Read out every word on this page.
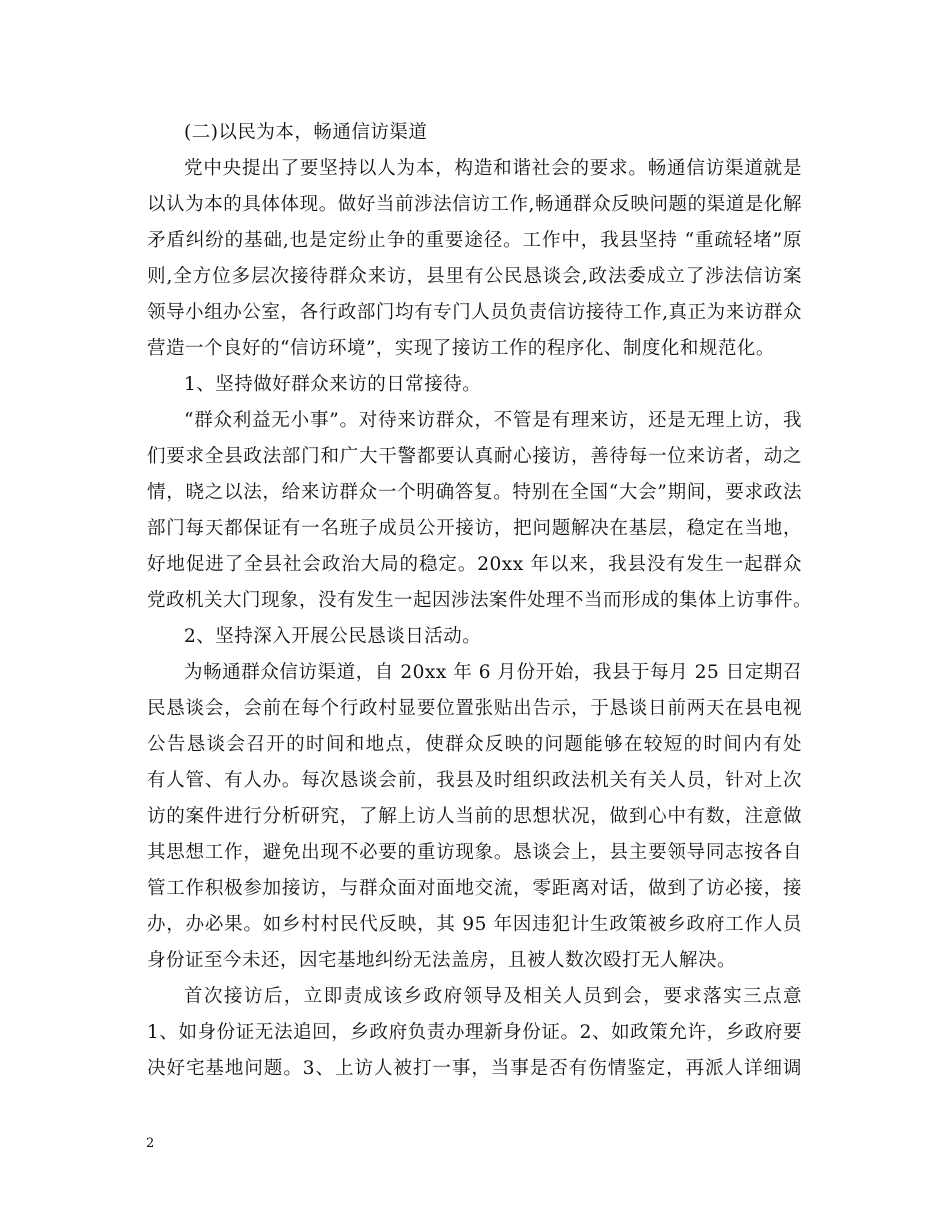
(二)以民为本，畅通信访渠道
党中央提出了要坚持以人为本，构造和谐社会的要求。畅通信访渠道就是
以认为本的具体体现。做好当前涉法信访工作,畅通群众反映问题的渠道是化解
矛盾纠纷的基础,也是定纷止争的重要途径。工作中，我县坚持 “重疏轻堵”原
则,全方位多层次接待群众来访，县里有公民恳谈会,政法委成立了涉法信访案
领导小组办公室，各行政部门均有专门人员负责信访接待工作,真正为来访群众
营造一个良好的“信访环境”，实现了接访工作的程序化、制度化和规范化。
1、坚持做好群众来访的日常接待。
“群众利益无小事”。对待来访群众，不管是有理来访，还是无理上访，我
们要求全县政法部门和广大干警都要认真耐心接访，善待每一位来访者，动之
情，晓之以法，给来访群众一个明确答复。特别在全国“大会”期间，要求政法
部门每天都保证有一名班子成员公开接访，把问题解决在基层，稳定在当地，
好地促进了全县社会政治大局的稳定。20xx 年以来，我县没有发生一起群众
党政机关大门现象，没有发生一起因涉法案件处理不当而形成的集体上访事件。
2、坚持深入开展公民恳谈日活动。
为畅通群众信访渠道，自 20xx 年 6 月份开始，我县于每月 25 日定期召
民恳谈会，会前在每个行政村显要位置张贴出告示，于恳谈日前两天在县电视
公告恳谈会召开的时间和地点，使群众反映的问题能够在较短的时间内有处
有人管、有人办。每次恳谈会前，我县及时组织政法机关有关人员，针对上次
访的案件进行分析研究，了解上访人当前的思想状况，做到心中有数，注意做
其思想工作，避免出现不必要的重访现象。恳谈会上，县主要领导同志按各自
管工作积极参加接访，与群众面对面地交流，零距离对话，做到了访必接，接
办，办必果。如乡村村民代反映，其 95 年因违犯计生政策被乡政府工作人员
身份证至今未还，因宅基地纠纷无法盖房，且被人数次殴打无人解决。
首次接访后，立即责成该乡政府领导及相关人员到会，要求落实三点意
1、如身份证无法追回，乡政府负责办理新身份证。2、如政策允许，乡政府要
决好宅基地问题。3、上访人被打一事，当事是否有伤情鉴定，再派人详细调
2
